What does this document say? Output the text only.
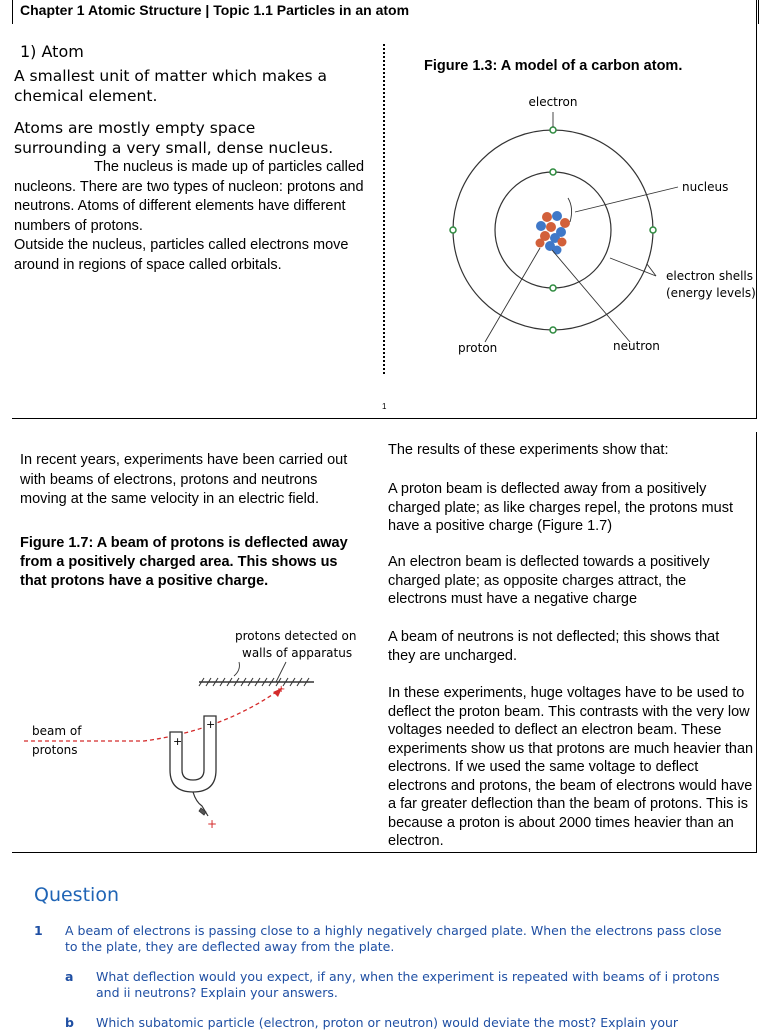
Chapter 1 Atomic Structure | Topic 1.1 Particles in an atom
1) Atom
A smallest unit of matter which makes a chemical element.
Atoms are mostly empty space surrounding a very small, dense nucleus.
The nucleus is made up of particles called nucleons. There are two types of nucleon: protons and neutrons. Atoms of different elements have different numbers of protons.
Outside the nucleus, particles called electrons move around in regions of space called orbitals.
Figure 1.3: A model of a carbon atom.
electron
nucleus
electron shells
(energy levels)
proton	neutron
1
In recent years, experiments have been carried out with beams of electrons, protons and neutrons moving at the same velocity in an electric field.
Figure 1.7: A beam of protons is deflected away from a positively charged area. This shows us that protons have a positive charge.
protons detected on
walls of apparatus
beam of
protons
+
+
+
+
The results of these experiments show that:
A proton beam is deflected away from a positively charged plate; as like charges repel, the protons must have a positive charge (Figure 1.7)
An electron beam is deflected towards a positively charged plate; as opposite charges attract, the electrons must have a negative charge
A beam of neutrons is not deflected; this shows that they are uncharged.
In these experiments, huge voltages have to be used to deflect the proton beam. This contrasts with the very low voltages needed to deflect an electron beam. These experiments show us that protons are much heavier than electrons. If we used the same voltage to deflect electrons and protons, the beam of electrons would have a far greater deflection than the beam of protons. This is because a proton is about 2000 times heavier than an electron.
Question
1 A beam of electrons is passing close to a highly negatively charged plate. When the electrons pass close to the plate, they are deflected away from the plate.
a What deflection would you expect, if any, when the experiment is repeated with beams of i protons and ii neutrons? Explain your answers.
b Which subatomic particle (electron, proton or neutron) would deviate the most? Explain your
